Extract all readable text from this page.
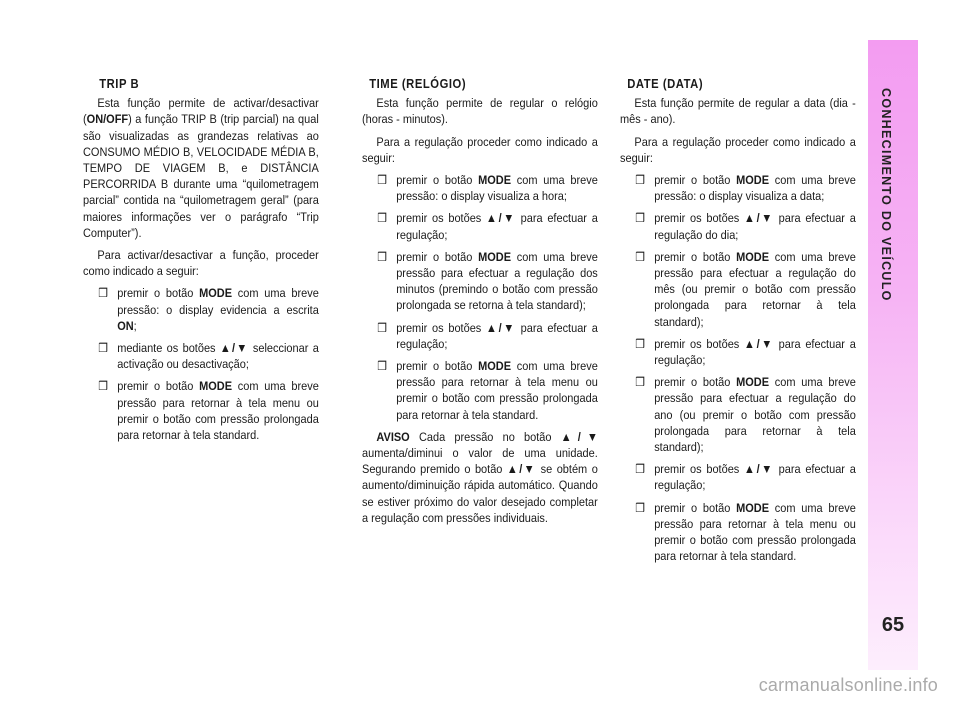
TRIP B

Esta função permite de activar/desactivar (ON/OFF) a função TRIP B (trip parcial) na qual são visualizadas as grandezas relativas ao CONSUMO MÉDIO B, VELOCIDADE MÉDIA B, TEMPO DE VIAGEM B, e DISTÂNCIA PERCORRIDA B durante uma “quilometragem parcial” contida na “quilometragem geral” (para maiores informações ver o parágrafo “Trip Computer”).

Para activar/desactivar a função, proceder como indicado a seguir:

❒ premir o botão MODE com uma breve pressão: o display evidencia a escrita ON;
❒ mediante os botões ▲/▼ seleccionar a activação ou desactivação;
❒ premir o botão MODE com uma breve pressão para retornar à tela menu ou premir o botão com pressão prolongada para retornar à tela standard.
TIME (RELÓGIO)

Esta função permite de regular o relógio (horas - minutos).

Para a regulação proceder como indicado a seguir:

❒ premir o botão MODE com uma breve pressão: o display visualiza a hora;
❒ premir os botões ▲/▼ para efectuar a regulação;
❒ premir o botão MODE com uma breve pressão para efectuar a regulação dos minutos (premindo o botão com pressão prolongada se retorna à tela standard);
❒ premir os botões ▲/▼ para efectuar a regulação;
❒ premir o botão MODE com uma breve pressão para retornar à tela menu ou premir o botão com pressão prolongada para retornar à tela standard.

AVISO Cada pressão no botão ▲/▼ aumenta/diminui o valor de uma unidade. Segurando premido o botão ▲/▼ se obtém o aumento/diminuição rápida automático. Quando se estiver próximo do valor desejado completar a regulação com pressões individuais.

DATE (DATA)

Esta função permite de regular a data (dia - mês - ano).

Para a regulação proceder como indicado a seguir:

❒ premir o botão MODE com uma breve pressão: o display visualiza a data;
❒ premir os botões ▲/▼ para efectuar a regulação do dia;
❒ premir o botão MODE com uma breve pressão para efectuar a regulação do mês (ou premir o botão com pressão prolongada para retornar à tela standard);
❒ premir os botões ▲/▼ para efectuar a regulação;
❒ premir o botão MODE com uma breve pressão para efectuar a regulação do ano (ou premir o botão com pressão prolongada para retornar à tela standard);
❒ premir os botões ▲/▼ para efectuar a regulação;
❒ premir o botão MODE com uma breve pressão para retornar à tela menu ou premir o botão com pressão prolongada para retornar à tela standard.
CONHECIMENTO DO VEÍCULO
65
carmanualsonline.info
